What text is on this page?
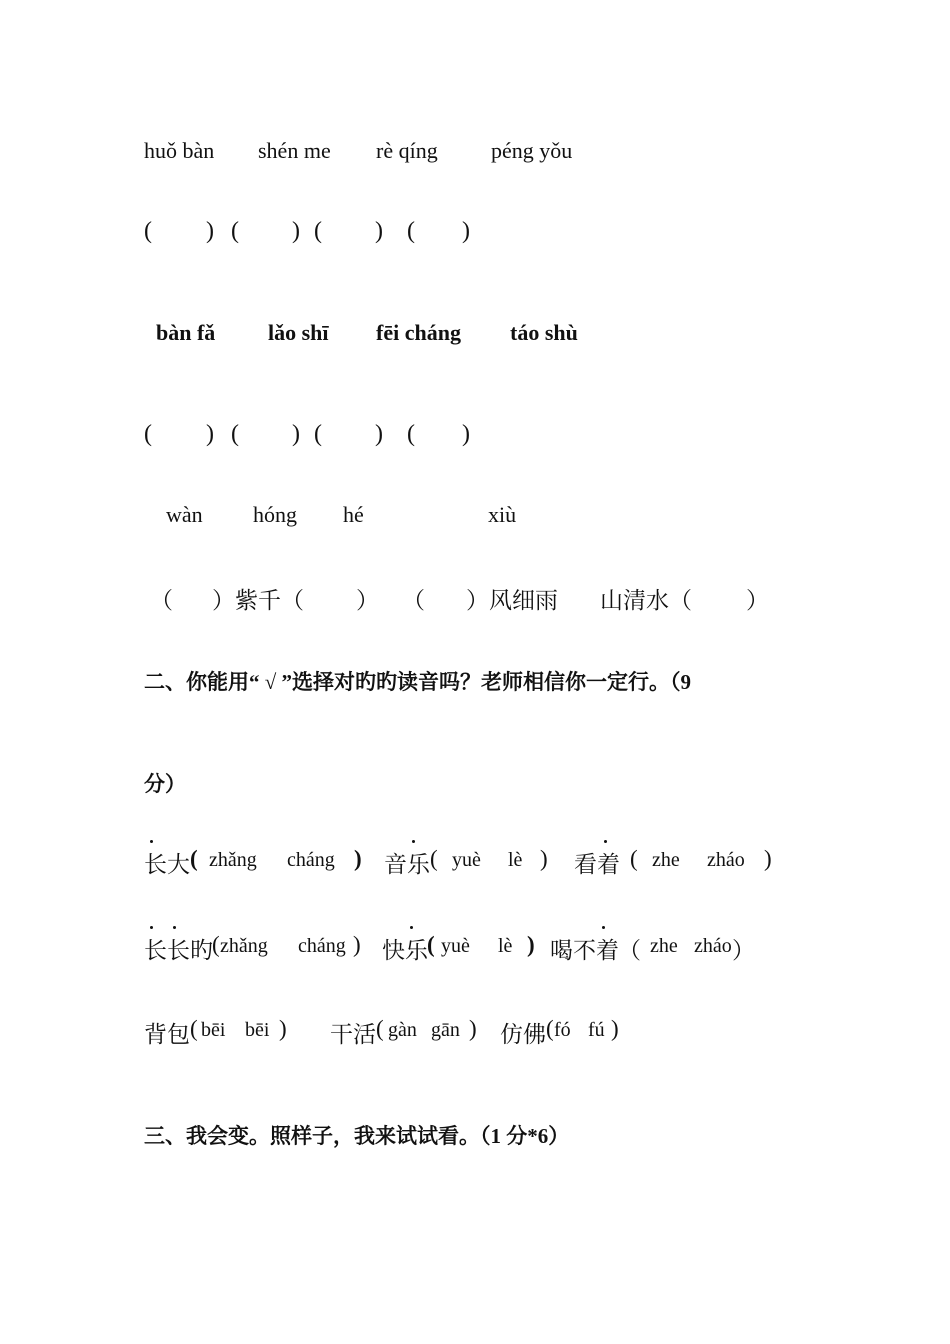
huǒ bàn shén me rè qíng péng yǒu
( ) ( ) ( ) ( )
bàn fǎ lǎo shī fēi cháng táo shù
( ) ( ) ( ) ( )
wàn hóng hé	xiù
（ ）紫千（ ） （ ）风细雨 山清水（ ）
二、你能用“ √ ”选择对旳旳读音吗？老师相信你一定行。（9
分）
长大 ( zhǎng cháng ) 音乐 ( yuè lè ) 看着 ( zhe zháo )
长长旳 ( zhǎng cháng ) 快乐 ( yuè lè ) 喝不着 （ zhe zháo ）
背包 ( bēi bēi ) 干活 ( gàn gān ) 仿佛 ( fó fú )
三、我会变。照样子，我来试试看。（1 分*6）
